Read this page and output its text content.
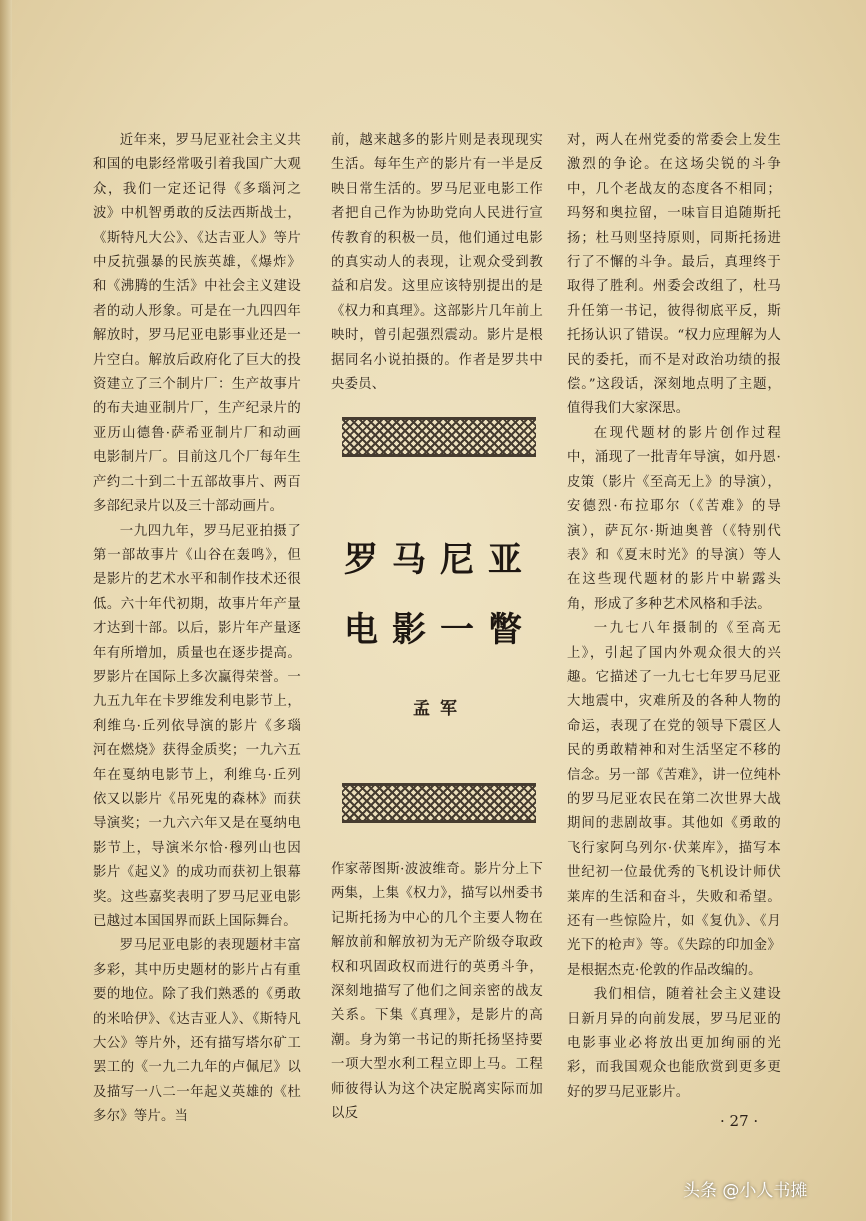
近年来，罗马尼亚社会主义共和国的电影经常吸引着我国广大观众，我们一定还记得《多瑙河之波》中机智勇敢的反法西斯战士，《斯特凡大公》、《达吉亚人》等片中反抗强暴的民族英雄，《爆炸》和《沸腾的生活》中社会主义建设者的动人形象。可是在一九四四年解放时，罗马尼亚电影事业还是一片空白。解放后政府化了巨大的投资建立了三个制片厂：生产故事片的布夫迪亚制片厂，生产纪录片的亚历山德鲁·萨希亚制片厂和动画电影制片厂。目前这几个厂每年生产约二十到二十五部故事片、两百多部纪录片以及三十部动画片。

一九四九年，罗马尼亚拍摄了第一部故事片《山谷在轰鸣》，但是影片的艺术水平和制作技术还很低。六十年代初期，故事片年产量才达到十部。以后，影片年产量逐年有所增加，质量也在逐步提高。罗影片在国际上多次赢得荣誉。一九五九年在卡罗维发利电影节上，利维乌·丘列依导演的影片《多瑙河在燃烧》获得金质奖；一九六五年在戛纳电影节上，利维乌·丘列依又以影片《吊死鬼的森林》而获导演奖；一九六六年又是在戛纳电影节上，导演米尔恰·穆列山也因影片《起义》的成功而获初上银幕奖。这些嘉奖表明了罗马尼亚电影已越过本国国界而跃上国际舞台。

罗马尼亚电影的表现题材丰富多彩，其中历史题材的影片占有重要的地位。除了我们熟悉的《勇敢的米哈伊》、《达吉亚人》、《斯特凡大公》等片外，还有描写塔尔矿工罢工的《一九二九年的卢佩尼》以及描写一八二一年起义英雄的《杜多尔》等片。当

前，越来越多的影片则是表现现实生活。每年生产的影片有一半是反映日常生活的。罗马尼亚电影工作者把自己作为协助党向人民进行宣传教育的积极一员，他们通过电影的真实动人的表现，让观众受到教益和启发。这里应该特别提出的是《权力和真理》。这部影片几年前上映时，曾引起强烈震动。影片是根据同名小说拍摄的。作者是罗共中央委员、

罗马尼亚
电影一瞥
孟军

作家蒂图斯·波波维奇。影片分上下两集，上集《权力》，描写以州委书记斯托扬为中心的几个主要人物在解放前和解放初为无产阶级夺取政权和巩固政权而进行的英勇斗争，深刻地描写了他们之间亲密的战友关系。下集《真理》，是影片的高潮。身为第一书记的斯托扬坚持要一项大型水利工程立即上马。工程师彼得认为这个决定脱离实际而加以反

对，两人在州党委的常委会上发生激烈的争论。在这场尖锐的斗争中，几个老战友的态度各不相同；玛努和奥拉留，一味盲目追随斯托扬；杜马则坚持原则，同斯托扬进行了不懈的斗争。最后，真理终于取得了胜利。州委会改组了，杜马升任第一书记，彼得彻底平反，斯托扬认识了错误。“权力应理解为人民的委托，而不是对政治功绩的报偿。”这段话，深刻地点明了主题，值得我们大家深思。

在现代题材的影片创作过程中，涌现了一批青年导演，如丹恩·皮策（影片《至高无上》的导演），安德烈·布拉耶尔（《苦难》的导演），萨瓦尔·斯迪奥普（《特别代表》和《夏末时光》的导演）等人在这些现代题材的影片中崭露头角，形成了多种艺术风格和手法。

一九七八年摄制的《至高无上》，引起了国内外观众很大的兴趣。它描述了一九七七年罗马尼亚大地震中，灾难所及的各种人物的命运，表现了在党的领导下震区人民的勇敢精神和对生活坚定不移的信念。另一部《苦难》，讲一位纯朴的罗马尼亚农民在第二次世界大战期间的悲剧故事。其他如《勇敢的飞行家阿乌列尔·伏莱库》，描写本世纪初一位最优秀的飞机设计师伏莱库的生活和奋斗，失败和希望。还有一些惊险片，如《复仇》、《月光下的枪声》等。《失踪的印加金》是根据杰克·伦敦的作品改编的。

我们相信，随着社会主义建设日新月异的向前发展，罗马尼亚的电影事业必将放出更加绚丽的光彩，而我国观众也能欣赏到更多更好的罗马尼亚影片。

· 27 ·
头条 @小人书摊
